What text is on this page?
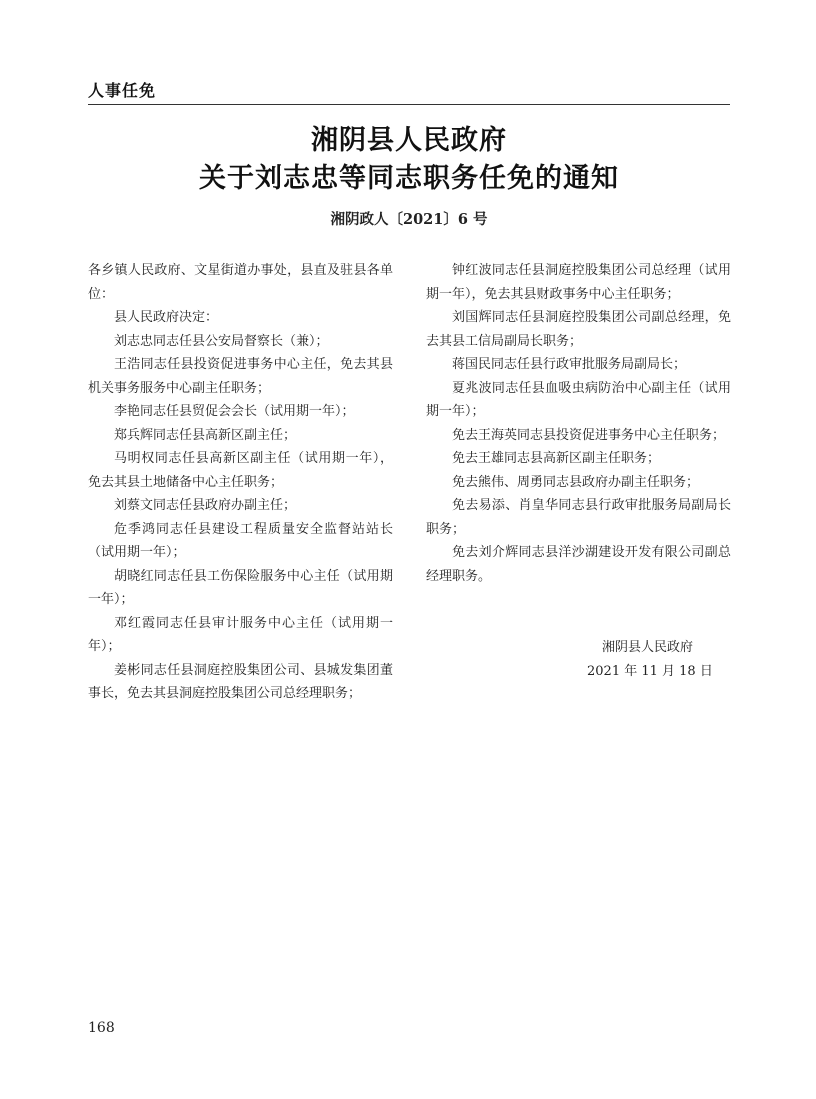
人事任免
湘阴县人民政府
关于刘志忠等同志职务任免的通知
湘阴政人〔2021〕6 号

各乡镇人民政府、文星街道办事处，县直及驻县各单位：

县人民政府决定：

刘志忠同志任县公安局督察长（兼）；

王浩同志任县投资促进事务中心主任，免去其县机关事务服务中心副主任职务；

李艳同志任县贸促会会长（试用期一年）；

郑兵辉同志任县高新区副主任；

马明权同志任县高新区副主任（试用期一年），免去其县土地储备中心主任职务；

刘蔡文同志任县政府办副主任；

危季鸿同志任县建设工程质量安全监督站站长（试用期一年）；

胡晓红同志任县工伤保险服务中心主任（试用期一年）；

邓红霞同志任县审计服务中心主任（试用期一年）；

姜彬同志任县洞庭控股集团公司、县城发集团董事长，免去其县洞庭控股集团公司总经理职务；

钟红波同志任县洞庭控股集团公司总经理（试用期一年），免去其县财政事务中心主任职务；

刘国辉同志任县洞庭控股集团公司副总经理，免去其县工信局副局长职务；

蒋国民同志任县行政审批服务局副局长；

夏兆波同志任县血吸虫病防治中心副主任（试用期一年）；

免去王海英同志县投资促进事务中心主任职务；

免去王雄同志县高新区副主任职务；

免去熊伟、周勇同志县政府办副主任职务；

免去易添、肖皇华同志县行政审批服务局副局长职务；

免去刘介辉同志县洋沙湖建设开发有限公司副总经理职务。

湘阴县人民政府
2021 年 11 月 18 日
168
